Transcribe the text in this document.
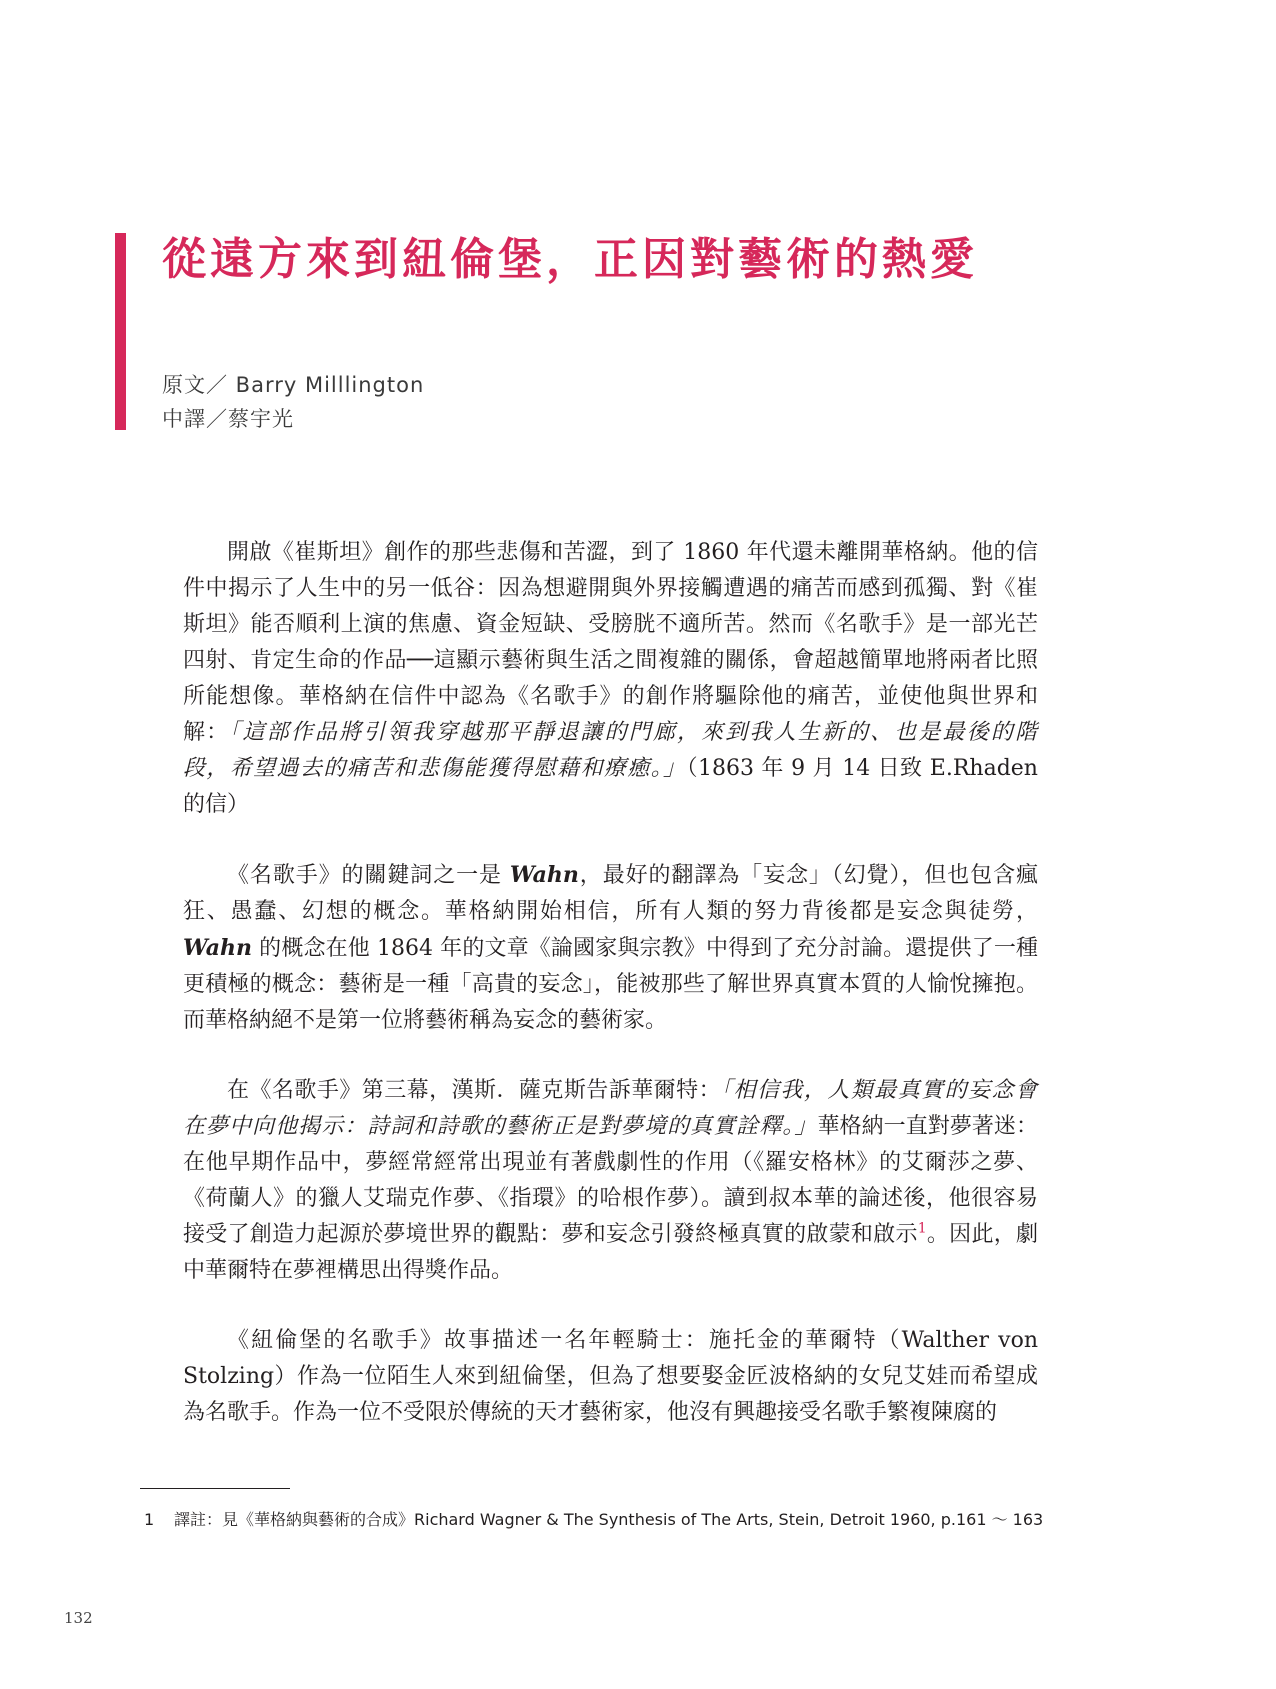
從遠方來到紐倫堡，正因對藝術的熱愛
原文／ Barry Milllington
中譯／蔡宇光

開啟《崔斯坦》創作的那些悲傷和苦澀，到了 1860 年代還未離開華格納。他的信件中揭示了人生中的另一低谷：因為想避開與外界接觸遭遇的痛苦而感到孤獨、對《崔斯坦》能否順利上演的焦慮、資金短缺、受膀胱不適所苦。然而《名歌手》是一部光芒四射、肯定生命的作品──這顯示藝術與生活之間複雜的關係，會超越簡單地將兩者比照所能想像。華格納在信件中認為《名歌手》的創作將驅除他的痛苦，並使他與世界和解：「這部作品將引領我穿越那平靜退讓的門廊，來到我人生新的、也是最後的階段，希望過去的痛苦和悲傷能獲得慰藉和療癒。」（1863 年 9 月 14 日致 E.Rhaden 的信）

《名歌手》的關鍵詞之一是 Wahn，最好的翻譯為「妄念」（幻覺），但也包含瘋狂、愚蠢、幻想的概念。華格納開始相信，所有人類的努力背後都是妄念與徒勞，Wahn 的概念在他 1864 年的文章《論國家與宗教》中得到了充分討論。還提供了一種更積極的概念：藝術是一種「高貴的妄念」，能被那些了解世界真實本質的人愉悅擁抱。而華格納絕不是第一位將藝術稱為妄念的藝術家。

在《名歌手》第三幕，漢斯．薩克斯告訴華爾特：「相信我，人類最真實的妄念會在夢中向他揭示：詩詞和詩歌的藝術正是對夢境的真實詮釋。」華格納一直對夢著迷：在他早期作品中，夢經常經常出現並有著戲劇性的作用（《羅安格林》的艾爾莎之夢、《荷蘭人》的獵人艾瑞克作夢、《指環》的哈根作夢）。讀到叔本華的論述後，他很容易接受了創造力起源於夢境世界的觀點：夢和妄念引發終極真實的啟蒙和啟示$^1$。因此，劇中華爾特在夢裡構思出得獎作品。

《紐倫堡的名歌手》故事描述一名年輕騎士：施托金的華爾特（Walther von Stolzing）作為一位陌生人來到紐倫堡，但為了想要娶金匠波格納的女兒艾娃而希望成為名歌手。作為一位不受限於傳統的天才藝術家，他沒有興趣接受名歌手繁複陳腐的

1 譯註：見《華格納與藝術的合成》Richard Wagner & The Synthesis of The Arts, Stein, Detroit 1960, p.161 ～ 163
132
